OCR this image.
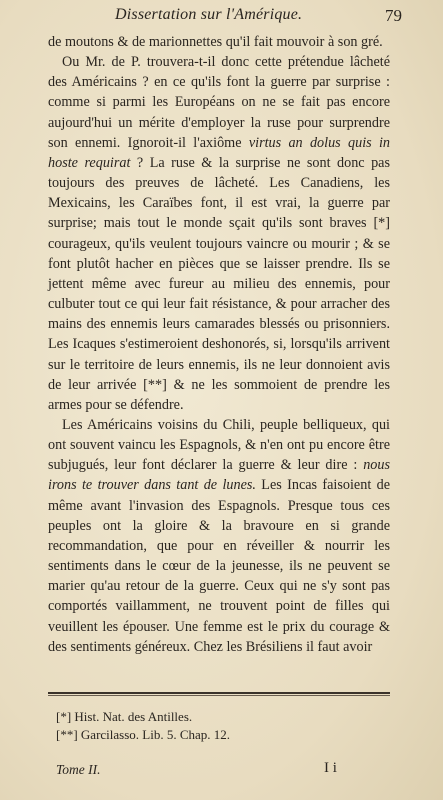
Dissertation sur l'Amérique.	79

de moutons & de marionnettes qu'il fait mouvoir à son gré.

Ou Mr. de P. trouvera-t-il donc cette prétendue lâcheté des Américains ? en ce qu'ils font la guerre par surprise : comme si parmi les Européans on ne se fait pas encore aujourd'hui un mérite d'employer la ruse pour surprendre son ennemi. Ignoroit-il l'axiôme virtus an dolus quis in hoste requirat ? La ruse & la surprise ne sont donc pas toujours des preuves de lâcheté. Les Canadiens, les Mexicains, les Caraïbes font, il est vrai, la guerre par surprise; mais tout le monde sçait qu'ils sont braves [*] courageux, qu'ils veulent toujours vaincre ou mourir ; & se font plutôt hacher en pièces que se laisser prendre. Ils se jettent même avec fureur au milieu des ennemis, pour culbuter tout ce qui leur fait résistance, & pour arracher des mains des ennemis leurs camarades blessés ou prisonniers. Les Icaques s'estimeroient deshonorés, si, lorsqu'ils arrivent sur le territoire de leurs ennemis, ils ne leur donnoient avis de leur arrivée [**] & ne les sommoient de prendre les armes pour se défendre.

Les Américains voisins du Chili, peuple belliqueux, qui ont souvent vaincu les Espagnols, & n'en ont pu encore être subjugués, leur font déclarer la guerre & leur dire : nous irons te trouver dans tant de lunes. Les Incas faisoient de même avant l'invasion des Espagnols. Presque tous ces peuples ont la gloire & la bravoure en si grande recommandation, que pour en réveiller & nourrir les sentiments dans le cœur de la jeunesse, ils ne peuvent se marier qu'au retour de la guerre. Ceux qui ne s'y sont pas comportés vaillamment, ne trouvent point de filles qui veuillent les épouser. Une femme est le prix du courage & des sentiments généreux. Chez les Brésiliens il faut avoir

[*] Hist. Nat. des Antilles.
[**] Garcilasso. Lib. 5. Chap. 12.
Tome II.	I i
